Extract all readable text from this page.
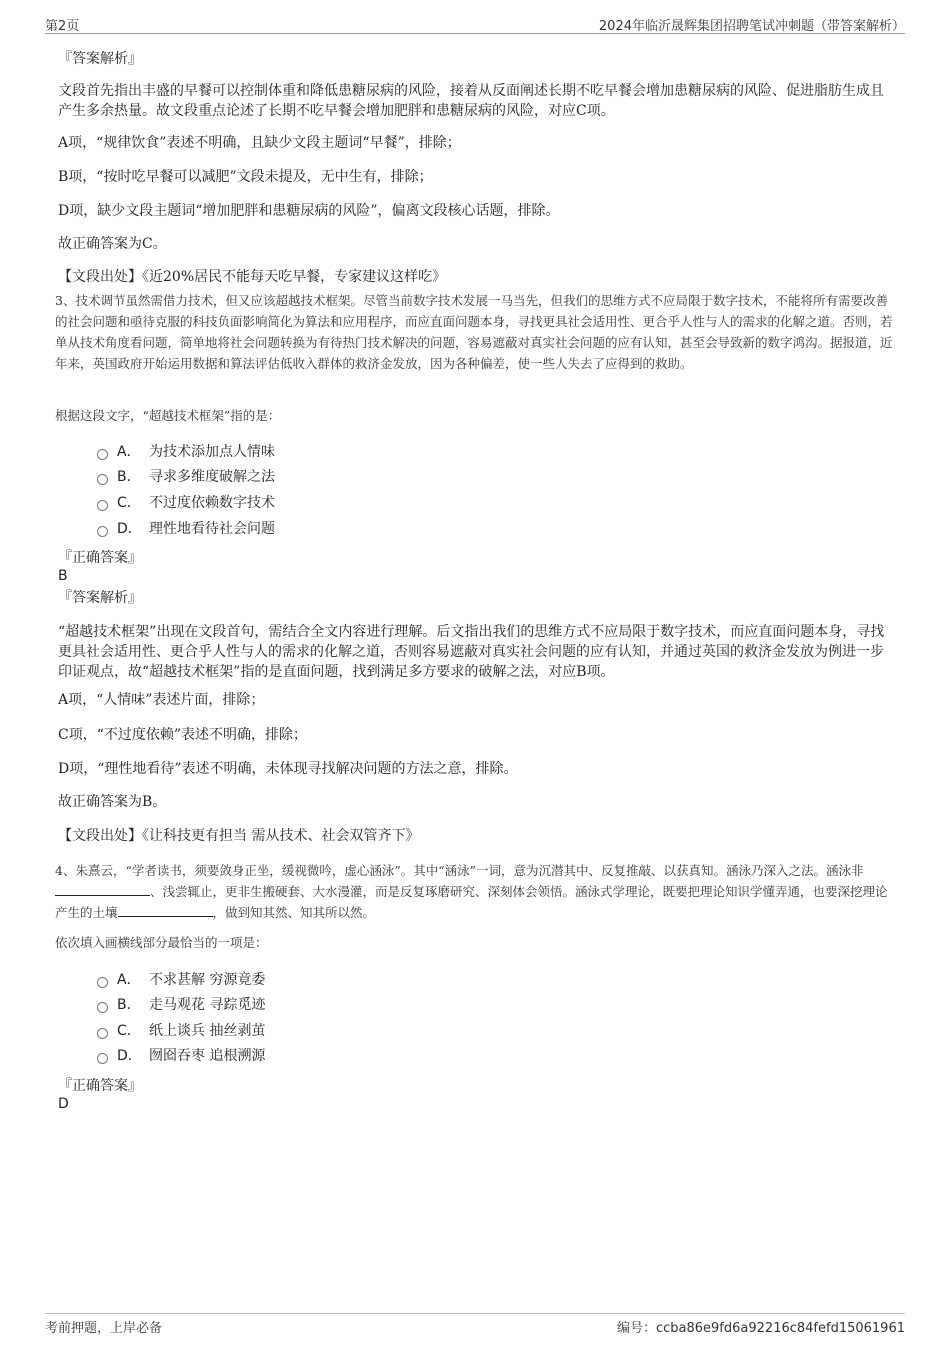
第2页	2024年临沂晟辉集团招聘笔试冲刺题（带答案解析）
『答案解析』
文段首先指出丰盛的早餐可以控制体重和降低患糖尿病的风险，接着从反面阐述长期不吃早餐会增加患糖尿病的风险、促进脂肪生成且产生多余热量。故文段重点论述了长期不吃早餐会增加肥胖和患糖尿病的风险，对应C项。
A项，“规律饮食”表述不明确，且缺少文段主题词“早餐”，排除；
B项，“按时吃早餐可以减肥”文段未提及，无中生有，排除；
D项，缺少文段主题词“增加肥胖和患糖尿病的风险”，偏离文段核心话题，排除。
故正确答案为C。
【文段出处】《近20%居民不能每天吃早餐，专家建议这样吃》
3、技术调节虽然需借力技术，但又应该超越技术框架。尽管当前数字技术发展一马当先，但我们的思维方式不应局限于数字技术，不能将所有需要改善的社会问题和亟待克服的科技负面影响简化为算法和应用程序，而应直面问题本身，寻找更具社会适用性、更合乎人性与人的需求的化解之道。否则，若单从技术角度看问题，简单地将社会问题转换为有待热门技术解决的问题，容易遮蔽对真实社会问题的应有认知，甚至会导致新的数字鸿沟。据报道，近年来，英国政府开始运用数据和算法评估低收入群体的救济金发放，因为各种偏差，使一些人失去了应得到的救助。
根据这段文字，“超越技术框架”指的是：
A． 为技术添加点人情味
B． 寻求多维度破解之法
C． 不过度依赖数字技术
D． 理性地看待社会问题
『正确答案』
B
『答案解析』
“超越技术框架”出现在文段首句，需结合全文内容进行理解。后文指出我们的思维方式不应局限于数字技术，而应直面问题本身，寻找更具社会适用性、更合乎人性与人的需求的化解之道，否则容易遮蔽对真实社会问题的应有认知，并通过英国的救济金发放为例进一步印证观点，故“超越技术框架”指的是直面问题，找到满足多方要求的破解之法，对应B项。
A项，“人情味”表述片面，排除；
C项，“不过度依赖”表述不明确，排除；
D项，“理性地看待”表述不明确，未体现寻找解决问题的方法之意，排除。
故正确答案为B。
【文段出处】《让科技更有担当 需从技术、社会双管齐下》
4、朱熹云，“学者读书，须要敛身正坐，缓视微吟，虚心涵泳”。其中“涵泳”一词，意为沉潜其中、反复推敲、以获真知。涵泳乃深入之法。涵泳非、浅尝辄止，更非生搬硬套、大水漫灌，而是反复琢磨研究、深刻体会领悟。涵泳式学理论，既要把理论知识学懂弄通，也要深挖理论产生的土壤	，做到知其然、知其所以然。
依次填入画横线部分最恰当的一项是：
A． 不求甚解 穷源竟委
B． 走马观花 寻踪觅迹
C． 纸上谈兵 抽丝剥茧
D． 囫囵吞枣 追根溯源
『正确答案』
D
考前押题，上岸必备	编号：ccba86e9fd6a92216c84fefd15061961
